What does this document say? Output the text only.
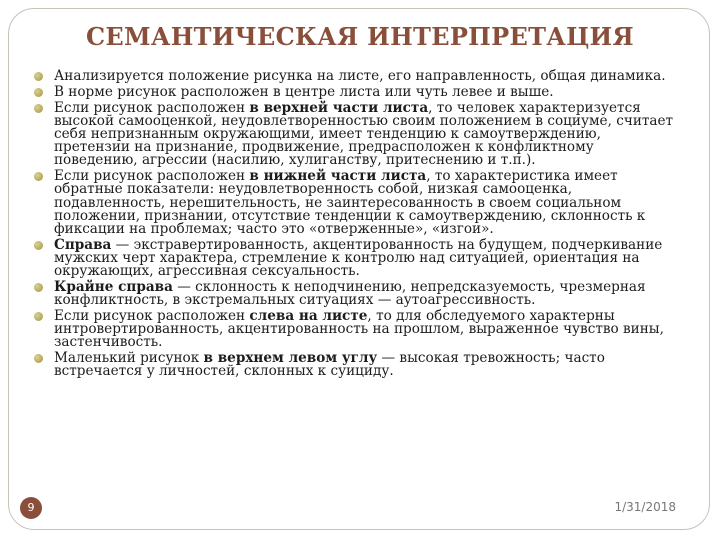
СЕМАНТИЧЕСКАЯ ИНТЕРПРЕТАЦИЯ
Анализируется положение рисунка на листе, его направленность, общая динамика.
В норме рисунок расположен в центре листа или чуть левее и выше.
Если рисунок расположен в верхней части листа, то человек характеризуется высокой самооценкой, неудовлетворенностью своим положением в социуме, считает себя непризнанным окружающими, имеет тенденцию к самоутверждению, претензии на признание, продвижение, предрасположен к конфликтному поведению, агрессии (насилию, хулиганству, притеснению и т.п.).
Если рисунок расположен в нижней части листа, то характеристика имеет обратные показатели: неудовлетворенность собой, низкая самооценка, подавленность, нерешительность, не заинтересованность в своем социальном положении, признании, отсутствие тенденции к самоутверждению, склонность к фиксации на проблемах; часто это «отверженные», «изгои».
Справа — экстравертированность, акцентированность на будущем, подчеркивание мужских черт характера, стремление к контролю над ситуацией, ориентация на окружающих, агрессивная сексуальность.
Крайне справа — склонность к неподчинению, непредсказуемость, чрезмерная конфликтность, в экстремальных ситуациях — аутоагрессивность.
Если рисунок расположен слева на листе, то для обследуемого характерны интровертированность, акцентированность на прошлом, выраженное чувство вины, застенчивость.
Маленький рисунок в верхнем левом углу — высокая тревожность; часто встречается у личностей, склонных к суициду.
9	1/31/2018
